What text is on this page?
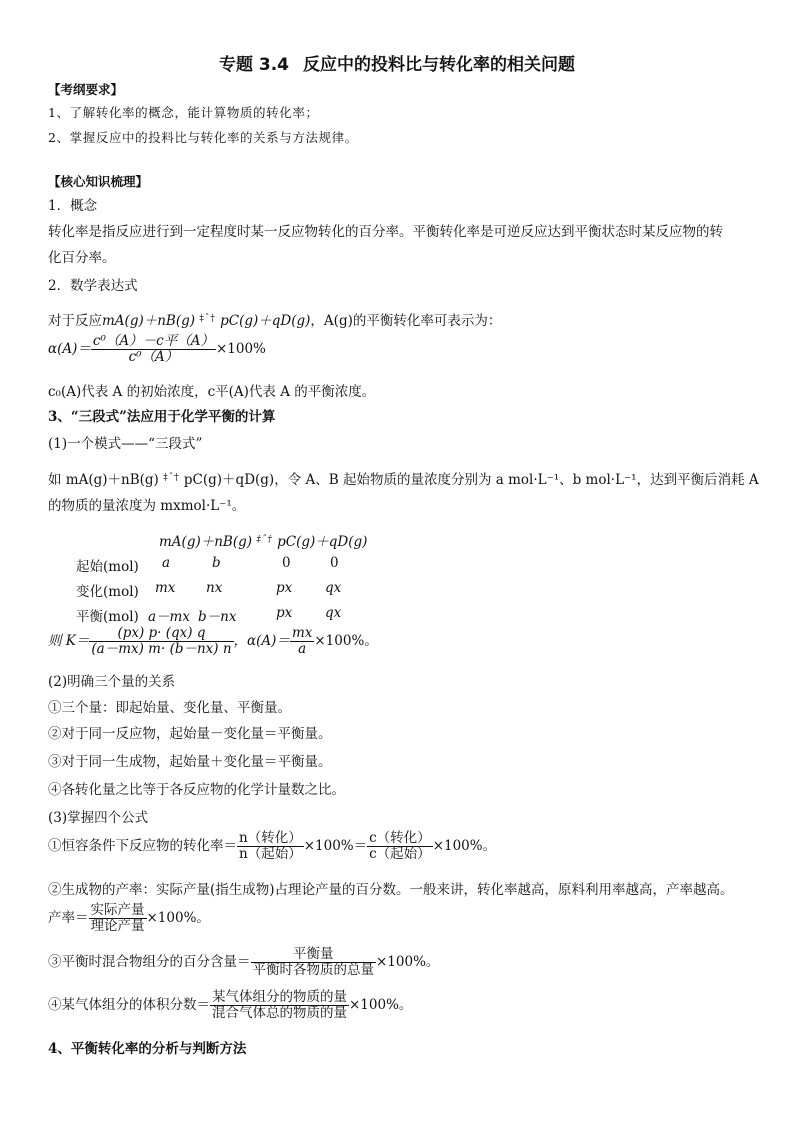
专题 3.4 反应中的投料比与转化率的相关问题
【考纲要求】
1、了解转化率的概念，能计算物质的转化率；
2、掌握反应中的投料比与转化率的关系与方法规律。
【核心知识梳理】
1．概念
转化率是指反应进行到一定程度时某一反应物转化的百分率。平衡转化率是可逆反应达到平衡状态时某反应物的转
化百分率。
2．数学表达式
对于反应mA(g)＋nB(g) $^{\ddagger ˆ\dagger}$ pC(g)＋qD(g)，A(g)的平衡转化率可表示为：
$\alpha(A)= \frac{\text{c⁰（A）－c平（A）}}{\text{c⁰（A）}} \times 100\%$
c₀(A)代表 A 的初始浓度，c平(A)代表 A 的平衡浓度。
3、“三段式”法应用于化学平衡的计算
(1)一个模式——“三段式”
如 mA(g)＋nB(g) $^{\ddagger ˆ\dagger}$ pC(g)＋qD(g)，令 A、B 起始物质的量浓度分别为 a mol·L⁻¹、b mol·L⁻¹，达到平衡后消耗 A
的物质的量浓度为 mxmol·L⁻¹。
mA(g)＋nB(g) $^{\ddagger ˆ\dagger}$ pC(g)＋qD(g)
起始(mol) a	b	0	0
变化(mol) mx nx	px qx
平衡(mol) a－mx b－nx	px qx
则 $K= \frac{(px) p\cdot (qx) q}{(a-mx) m\cdot (b-nx) n}$ ，$\alpha(A)= \frac{mx}{a} \times 100\%$。
(2)明确三个量的关系
①三个量：即起始量、变化量、平衡量。
②对于同一反应物，起始量－变化量＝平衡量。
③对于同一生成物，起始量＋变化量＝平衡量。
④各转化量之比等于各反应物的化学计量数之比。
(3)掌握四个公式
①恒容条件下反应物的转化率＝ $\frac{\text{n（转化）}}{\text{n（起始）}} \times 100\%= \frac{\text{c（转化）}}{\text{c（起始）}} \times 100\%$。
②生成物的产率：实际产量(指生成物)占理论产量的百分数。一般来讲，转化率越高，原料利用率越高，产率越高。
产率＝ $\frac{\text{实际产量}}{\text{理论产量}} \times 100\%$。
③平衡时混合物组分的百分含量＝ $\frac{\text{平衡量}}{\text{平衡时各物质的总量}} \times 100\%$。
④某气体组分的体积分数＝ $\frac{\text{某气体组分的物质的量}}{\text{混合气体总的物质的量}} \times 100\%$。
4、平衡转化率的分析与判断方法
